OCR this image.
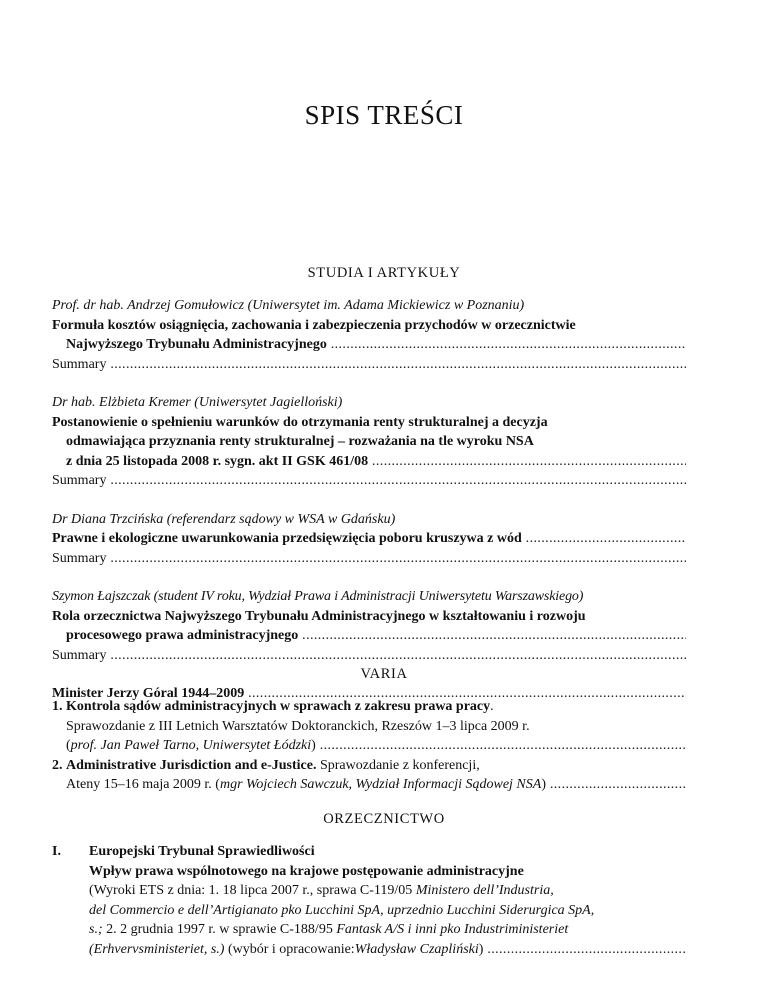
SPIS TREŚCI
STUDIA I ARTYKUŁY
Prof. dr hab. Andrzej Gomułowicz (Uniwersytet im. Adama Mickiewicz w Poznaniu)
Formuła kosztów osiągnięcia, zachowania i zabezpieczenia przychodów w orzecznictwie
Najwyższego Trybunału Administracyjnego .....
Summary .....
Dr hab. Elżbieta Kremer (Uniwersytet Jagielloński)
Postanowienie o spełnieniu warunków do otrzymania renty strukturalnej a decyzja
odmawiająca przyznania renty strukturalnej – rozważania na tle wyroku NSA
z dnia 25 listopada 2008 r. sygn. akt II GSK 461/08 .....
Summary .....
Dr Diana Trzcińska (referendarz sądowy w WSA w Gdańsku)
Prawne i ekologiczne uwarunkowania przedsięwzięcia poboru kruszywa z wód .....
Summary .....
Szymon Łajszczak (student IV roku, Wydział Prawa i Administracji Uniwersytetu Warszawskiego)
Rola orzecznictwa Najwyższego Trybunału Administracyjnego w kształtowaniu i rozwoju
procesowego prawa administracyjnego .....
Summary .....
Minister Jerzy Góral 1944–2009 .....
VARIA
1. Kontrola sądów administracyjnych w sprawach z zakresu prawa pracy.
Sprawozdanie z III Letnich Warsztatów Doktoranckich, Rzeszów 1–3 lipca 2009 r.
(prof. Jan Paweł Tarno, Uniwersytet Łódzki) .....
2. Administrative Jurisdiction and e-Justice. Sprawozdanie z konferencji,
Ateny 15–16 maja 2009 r. (mgr Wojciech Sawczuk, Wydział Informacji Sądowej NSA) .....
ORZECZNICTWO
I. Europejski Trybunał Sprawiedliwości
Wpływ prawa wspólnotowego na krajowe postępowanie administracyjne
(Wyroki ETS z dnia: 1. 18 lipca 2007 r., sprawa C-119/05 Ministero dell’Industria,
del Commercio e dell’Artigianato pko Lucchini SpA, uprzednio Lucchini Siderurgica SpA,
s.; 2. 2 grudnia 1997 r. w sprawie C-188/95 Fantask A/S i inni pko Industriministeriet
(Erhvervsministeriet, s.) (wybór i opracowanie:Władysław Czapliński) .....
